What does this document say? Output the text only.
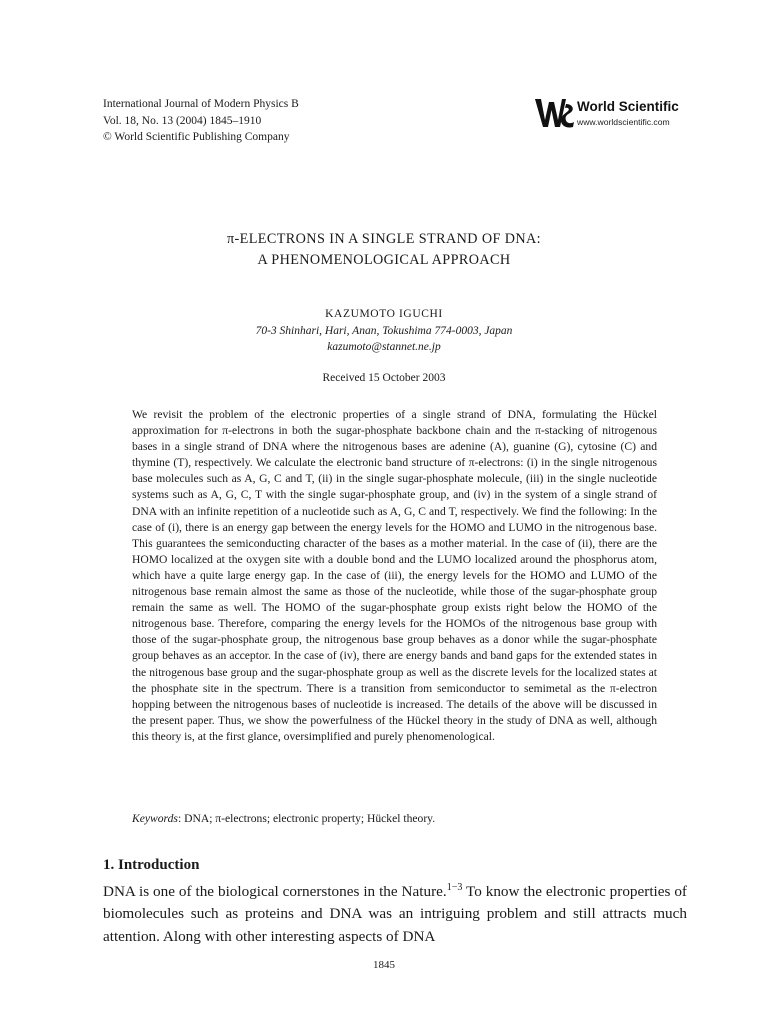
International Journal of Modern Physics B
Vol. 18, No. 13 (2004) 1845–1910
© World Scientific Publishing Company
World Scientific
www.worldscientific.com
π-ELECTRONS IN A SINGLE STRAND OF DNA:
A PHENOMENOLOGICAL APPROACH
KAZUMOTO IGUCHI
70-3 Shinhari, Hari, Anan, Tokushima 774-0003, Japan
kazumoto@stannet.ne.jp
Received 15 October 2003
We revisit the problem of the electronic properties of a single strand of DNA, formulating the Hückel approximation for π-electrons in both the sugar-phosphate backbone chain and the π-stacking of nitrogenous bases in a single strand of DNA where the nitrogenous bases are adenine (A), guanine (G), cytosine (C) and thymine (T), respectively. We calculate the electronic band structure of π-electrons: (i) in the single nitrogenous base molecules such as A, G, C and T, (ii) in the single sugar-phosphate molecule, (iii) in the single nucleotide systems such as A, G, C, T with the single sugar-phosphate group, and (iv) in the system of a single strand of DNA with an infinite repetition of a nucleotide such as A, G, C and T, respectively. We find the following: In the case of (i), there is an energy gap between the energy levels for the HOMO and LUMO in the nitrogenous base. This guarantees the semiconducting character of the bases as a mother material. In the case of (ii), there are the HOMO localized at the oxygen site with a double bond and the LUMO localized around the phosphorus atom, which have a quite large energy gap. In the case of (iii), the energy levels for the HOMO and LUMO of the nitrogenous base remain almost the same as those of the nucleotide, while those of the sugar-phosphate group remain the same as well. The HOMO of the sugar-phosphate group exists right below the HOMO of the nitrogenous base. Therefore, comparing the energy levels for the HOMOs of the nitrogenous base group with those of the sugar-phosphate group, the nitrogenous base group behaves as a donor while the sugar-phosphate group behaves as an acceptor. In the case of (iv), there are energy bands and band gaps for the extended states in the nitrogenous base group and the sugar-phosphate group as well as the discrete levels for the localized states at the phosphate site in the spectrum. There is a transition from semiconductor to semimetal as the π-electron hopping between the nitrogenous bases of nucleotide is increased. The details of the above will be discussed in the present paper. Thus, we show the powerfulness of the Hückel theory in the study of DNA as well, although this theory is, at the first glance, oversimplified and purely phenomenological.
Keywords: DNA; π-electrons; electronic property; Hückel theory.
1. Introduction
DNA is one of the biological cornerstones in the Nature.$^{1-3}$ To know the electronic properties of biomolecules such as proteins and DNA was an intriguing problem and still attracts much attention. Along with other interesting aspects of DNA
1845
